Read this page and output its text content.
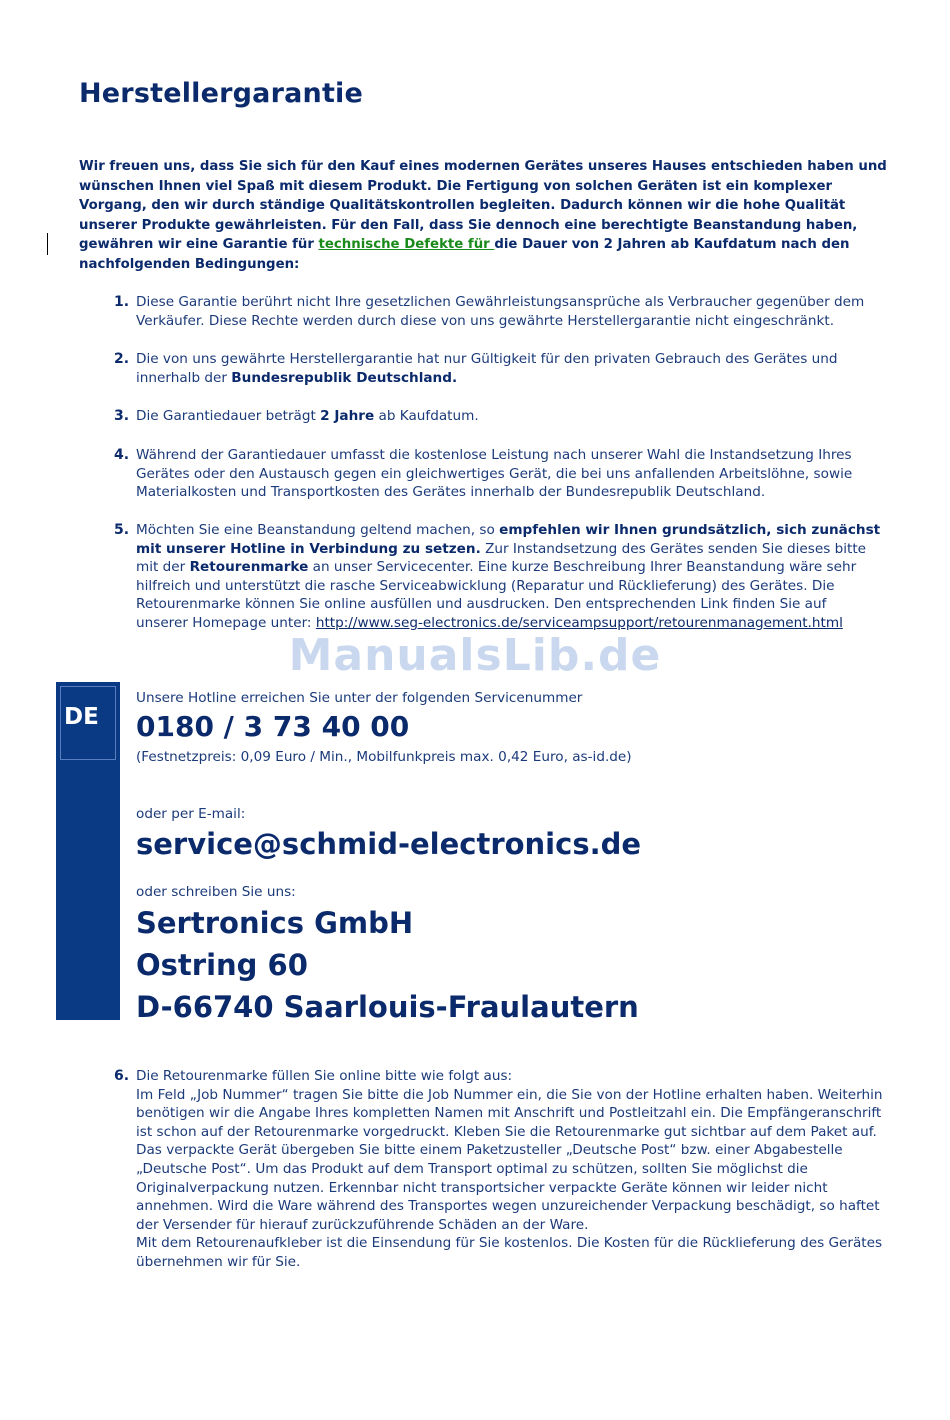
Herstellergarantie
Wir freuen uns, dass Sie sich für den Kauf eines modernen Gerätes unseres Hauses entschieden haben und wünschen Ihnen viel Spaß mit diesem Produkt. Die Fertigung von solchen Geräten ist ein komplexer Vorgang, den wir durch ständige Qualitätskontrollen begleiten. Dadurch können wir die hohe Qualität unserer Produkte gewährleisten. Für den Fall, dass Sie dennoch eine berechtigte Beanstandung haben, gewähren wir eine Garantie für technische Defekte für die Dauer von 2 Jahren ab Kaufdatum nach den nachfolgenden Bedingungen:
1. Diese Garantie berührt nicht Ihre gesetzlichen Gewährleistungsansprüche als Verbraucher gegenüber dem Verkäufer. Diese Rechte werden durch diese von uns gewährte Herstellergarantie nicht eingeschränkt.
2. Die von uns gewährte Herstellergarantie hat nur Gültigkeit für den privaten Gebrauch des Gerätes und innerhalb der Bundesrepublik Deutschland.
3. Die Garantiedauer beträgt 2 Jahre ab Kaufdatum.
4. Während der Garantiedauer umfasst die kostenlose Leistung nach unserer Wahl die Instandsetzung Ihres Gerätes oder den Austausch gegen ein gleichwertiges Gerät, die bei uns anfallenden Arbeitslöhne, sowie Materialkosten und Transportkosten des Gerätes innerhalb der Bundesrepublik Deutschland.
5. Möchten Sie eine Beanstandung geltend machen, so empfehlen wir Ihnen grundsätzlich, sich zunächst mit unserer Hotline in Verbindung zu setzen. Zur Instandsetzung des Gerätes senden Sie dieses bitte mit der Retourenmarke an unser Servicecenter. Eine kurze Beschreibung Ihrer Beanstandung wäre sehr hilfreich und unterstützt die rasche Serviceabwicklung (Reparatur und Rücklieferung) des Gerätes. Die Retourenmarke können Sie online ausfüllen und ausdrucken. Den entsprechenden Link finden Sie auf unserer Homepage unter: http://www.seg-electronics.de/serviceampsupport/retourenmanagement.html
ManualsLib.de
DE
Unsere Hotline erreichen Sie unter der folgenden Servicenummer
0180 / 3 73 40 00
(Festnetzpreis: 0,09 Euro / Min., Mobilfunkpreis max. 0,42 Euro, as-id.de)
oder per E-mail:
service@schmid-electronics.de
oder schreiben Sie uns:
Sertronics GmbH
Ostring 60
D-66740 Saarlouis-Fraulautern
6. Die Retourenmarke füllen Sie online bitte wie folgt aus:
Im Feld „Job Nummer“ tragen Sie bitte die Job Nummer ein, die Sie von der Hotline erhalten haben. Weiterhin benötigen wir die Angabe Ihres kompletten Namen mit Anschrift und Postleitzahl ein. Die Empfängeranschrift ist schon auf der Retourenmarke vorgedruckt. Kleben Sie die Retourenmarke gut sichtbar auf dem Paket auf. Das verpackte Gerät übergeben Sie bitte einem Paketzusteller „Deutsche Post“ bzw. einer Abgabestelle „Deutsche Post“. Um das Produkt auf dem Transport optimal zu schützen, sollten Sie möglichst die Originalverpackung nutzen. Erkennbar nicht transportsicher verpackte Geräte können wir leider nicht annehmen. Wird die Ware während des Transportes wegen unzureichender Verpackung beschädigt, so haftet der Versender für hierauf zurückzuführende Schäden an der Ware.
Mit dem Retourenaufkleber ist die Einsendung für Sie kostenlos. Die Kosten für die Rücklieferung des Gerätes übernehmen wir für Sie.
